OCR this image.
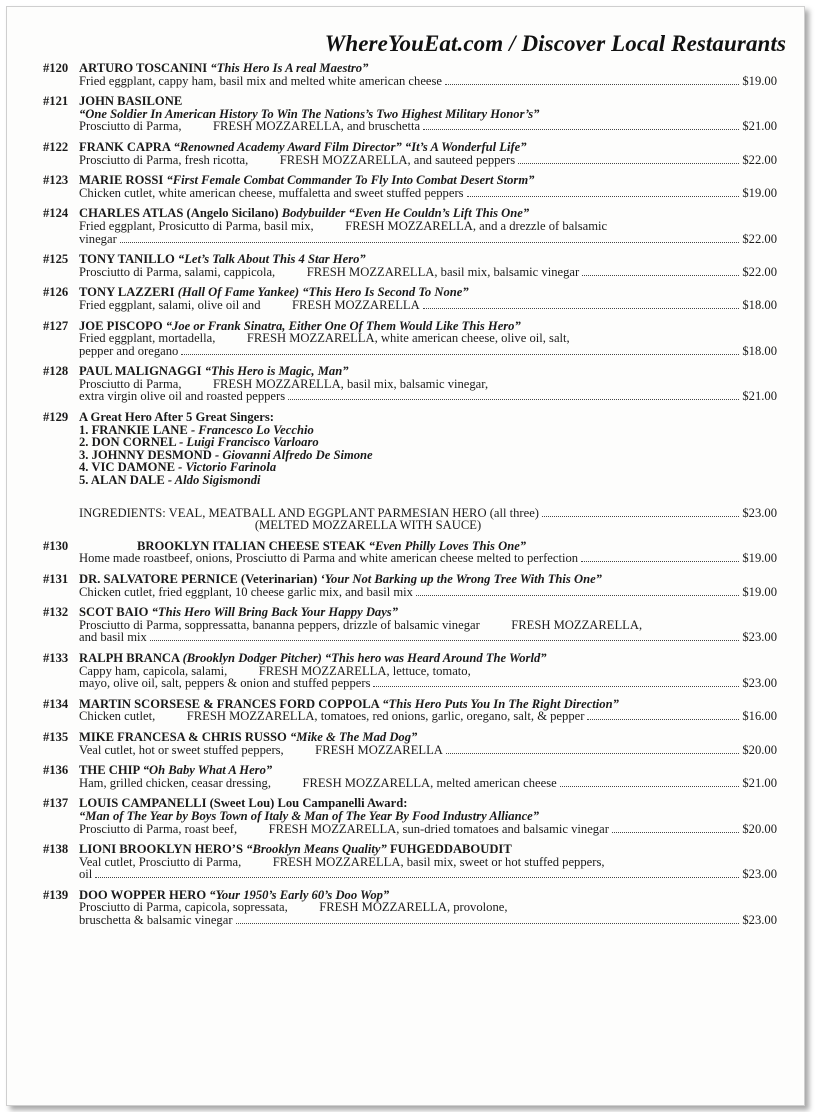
WhereYouEat.com / Discover Local Restaurants
#120 ARTURO TOSCANINI “This Hero Is A real Maestro”
Fried eggplant, cappy ham, basil mix and melted white american cheese	$19.00
#121 JOHN BASILONE
“One Soldier In American History To Win The Nations’s Two Highest Military Honor’s”
Prosciutto di Parma,          FRESH MOZZARELLA, and bruschetta	$21.00
#122 FRANK CAPRA “Renowned Academy Award Film Director” “It’s A Wonderful Life”
Prosciutto di Parma, fresh ricotta,          FRESH MOZZARELLA, and sauteed peppers	$22.00
#123 MARIE ROSSI “First Female Combat Commander To Fly Into Combat Desert Storm”
Chicken cutlet, white american cheese, muffaletta and sweet stuffed peppers	$19.00
#124 CHARLES ATLAS (Angelo Sicilano) Bodybuilder “Even He Couldn’s Lift This One”
Fried eggplant, Prosicutto di Parma, basil mix,          FRESH MOZZARELLA, and a drezzle of balsamic
vinegar	$22.00
#125 TONY TANILLO “Let’s Talk About This 4 Star Hero”
Prosciutto di Parma, salami, cappicola,          FRESH MOZZARELLA, basil mix, balsamic vinegar	$22.00
#126 TONY LAZZERI (Hall Of Fame Yankee) “This Hero Is Second To None”
Fried eggplant, salami, olive oil and          FRESH MOZZARELLA	$18.00
#127 JOE PISCOPO “Joe or Frank Sinatra, Either One Of Them Would Like This Hero”
Fried eggplant, mortadella,          FRESH MOZZARELLA, white american cheese, olive oil, salt,
pepper and oregano	$18.00
#128 PAUL MALIGNAGGI “This Hero is Magic, Man”
Prosciutto di Parma,          FRESH MOZZARELLA, basil mix, balsamic vinegar,
extra virgin olive oil and roasted peppers	$21.00
#129 A Great Hero After 5 Great Singers:
1. FRANKIE LANE - Francesco Lo Vecchio
2. DON CORNEL - Luigi Francisco Varloaro
3. JOHNNY DESMOND - Giovanni Alfredo De Simone
4. VIC DAMONE - Victorio Farinola
5. ALAN DALE - Aldo Sigismondi
INGREDIENTS: VEAL, MEATBALL AND EGGPLANT PARMESIAN HERO (all three)	$23.00
(MELTED MOZZARELLA WITH SAUCE)
#130	BROOKLYN ITALIAN CHEESE STEAK “Even Philly Loves This One”
Home made roastbeef, onions, Prosciutto di Parma and white american cheese melted to perfection	$19.00
#131 DR. SALVATORE PERNICE (Veterinarian) ‘Your Not Barking up the Wrong Tree With This One”
Chicken cutlet, fried eggplant, 10 cheese garlic mix, and basil mix	$19.00
#132 SCOT BAIO “This Hero Will Bring Back Your Happy Days”
Prosciutto di Parma, soppressatta, bananna peppers, drizzle of balsamic vinegar          FRESH MOZZARELLA,
and basil mix	$23.00
#133 RALPH BRANCA (Brooklyn Dodger Pitcher) “This hero was Heard Around The World”
Cappy ham, capicola, salami,          FRESH MOZZARELLA, lettuce, tomato,
mayo, olive oil, salt, peppers & onion and stuffed peppers	$23.00
#134 MARTIN SCORSESE & FRANCES FORD COPPOLA “This Hero Puts You In The Right Direction”
Chicken cutlet,          FRESH MOZZARELLA, tomatoes, red onions, garlic, oregano, salt, & pepper	$16.00
#135 MIKE FRANCESA & CHRIS RUSSO “Mike & The Mad Dog”
Veal cutlet, hot or sweet stuffed peppers,          FRESH MOZZARELLA	$20.00
#136 THE CHIP “Oh Baby What A Hero”
Ham, grilled chicken, ceasar dressing,          FRESH MOZZARELLA, melted american cheese	$21.00
#137 LOUIS CAMPANELLI (Sweet Lou) Lou Campanelli Award:
“Man of The Year by Boys Town of Italy & Man of The Year By Food Industry Alliance”
Prosciutto di Parma, roast beef,          FRESH MOZZARELLA, sun-dried tomatoes and balsamic vinegar	$20.00
#138 LIONI BROOKLYN HERO’S “Brooklyn Means Quality” FUHGEDDABOUDIT
Veal cutlet, Prosciutto di Parma,          FRESH MOZZARELLA, basil mix, sweet or hot stuffed peppers,
oil	$23.00
#139 DOO WOPPER HERO “Your 1950’s Early 60’s Doo Wop”
Prosciutto di Parma, capicola, sopressata,          FRESH MOZZARELLA, provolone,
bruschetta & balsamic vinegar	$23.00
